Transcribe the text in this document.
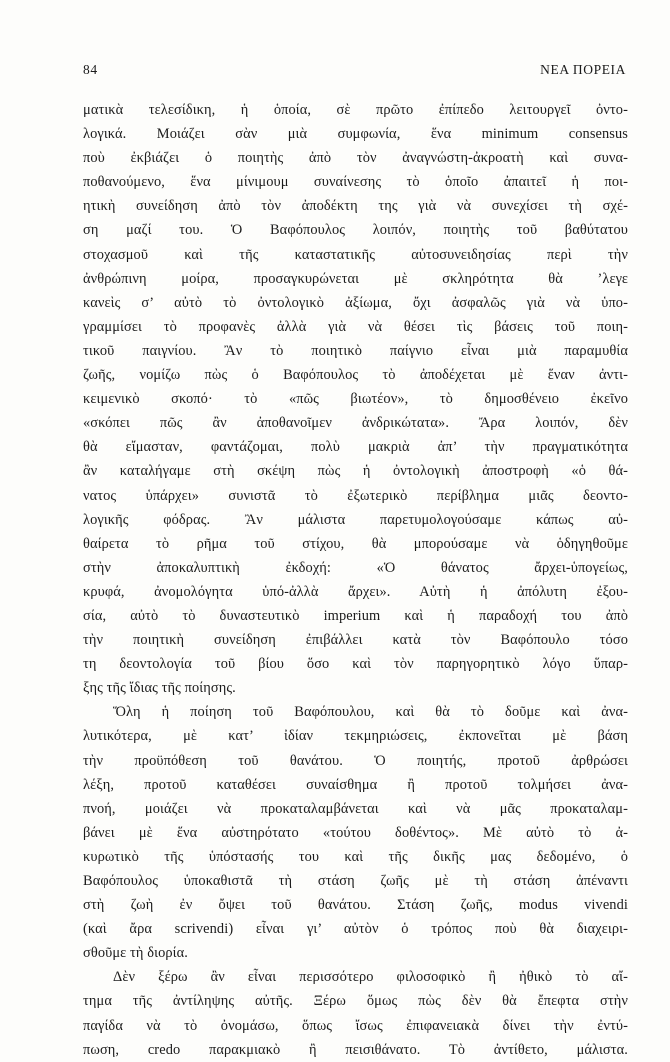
84	ΝΕΑ ΠΟΡΕΙΑ
ματικὰ τελεσίδικη, ἡ ὁποία, σὲ πρῶτο ἐπίπεδο λειτουργεῖ ὀντο-
λογικά. Μοιάζει σὰν μιὰ συμφωνία, ἕνα minimum consensus
ποὺ ἐκβιάζει ὁ ποιητὴς ἀπὸ τὸν ἀναγνώστη-ἀκροατὴ καὶ συνα-
ποθανούμενο, ἕνα μίνιμουμ συναίνεσης τὸ ὁποῖο ἀπαιτεῖ ἡ ποι-
ητικὴ συνείδηση ἀπὸ τὸν ἀποδέκτη της γιὰ νὰ συνεχίσει τὴ σχέ-
ση μαζί του. Ὁ Βαφόπουλος λοιπόν, ποιητὴς τοῦ βαθύτατου
στοχασμοῦ καὶ τῆς καταστατικῆς αὐτοσυνειδησίας περὶ τὴν
ἀνθρώπινη μοίρα, προσαγκυρώνεται μὲ σκληρότητα θὰ ’λεγε
κανεὶς σ’ αὐτὸ τὸ ὀντολογικὸ ἀξίωμα, ὄχι ἀσφαλῶς γιὰ νὰ ὑπο-
γραμμίσει τὸ προφανὲς ἀλλὰ γιὰ νὰ θέσει τὶς βάσεις τοῦ ποιη-
τικοῦ παιγνίου. Ἂν τὸ ποιητικὸ παίγνιο εἶναι μιὰ παραμυθία
ζωῆς, νομίζω πὼς ὁ Βαφόπουλος τὸ ἀποδέχεται μὲ ἕναν ἀντι-
κειμενικὸ σκοπό· τὸ «πῶς βιωτέον», τὸ δημοσθένειο ἐκεῖνο
«σκόπει πῶς ἂν ἀποθανοῖμεν ἀνδρικώτατα». Ἄρα λοιπόν, δὲν
θὰ εἴμασταν, φαντάζομαι, πολὺ μακριὰ ἀπ’ τὴν πραγματικότητα
ἂν καταλήγαμε στὴ σκέψη πὼς ἡ ὀντολογικὴ ἀποστροφὴ «ὁ θά-
νατος ὑπάρχει» συνιστᾶ τὸ ἐξωτερικὸ περίβλημα μιᾶς δεοντο-
λογικῆς φόδρας. Ἂν μάλιστα παρετυμολογούσαμε κάπως αὐ-
θαίρετα τὸ ρῆμα τοῦ στίχου, θὰ μπορούσαμε νὰ ὁδηγηθοῦμε
στὴν ἀποκαλυπτικὴ ἐκδοχή: «Ὁ θάνατος ἄρχει-ὑπογείως,
κρυφά, ἀνομολόγητα ὑπό-ἀλλὰ ἄρχει». Αὐτὴ ἡ ἀπόλυτη ἐξου-
σία, αὐτὸ τὸ δυναστευτικὸ imperium καὶ ἡ παραδοχή του ἀπὸ
τὴν ποιητικὴ συνείδηση ἐπιβάλλει κατὰ τὸν Βαφόπουλο τόσο
τη δεοντολογία τοῦ βίου ὅσο καὶ τὸν παρηγορητικὸ λόγο ὕπαρ-
ξης τῆς ἴδιας τῆς ποίησης.
Ὅλη ἡ ποίηση τοῦ Βαφόπουλου, καὶ θὰ τὸ δοῦμε καὶ ἀνα-
λυτικότερα, μὲ κατ’ ἰδίαν τεκμηριώσεις, ἐκπονεῖται μὲ βάση
τὴν προϋπόθεση τοῦ θανάτου. Ὁ ποιητής, προτοῦ ἀρθρώσει
λέξη, προτοῦ καταθέσει συναίσθημα ἢ προτοῦ τολμήσει ἀνα-
πνοή, μοιάζει νὰ προκαταλαμβάνεται καὶ νὰ μᾶς προκαταλαμ-
βάνει μὲ ἕνα αὐστηρότατο «τούτου δοθέντος». Μὲ αὐτὸ τὸ ἀ-
κυρωτικὸ τῆς ὑπόστασής του καὶ τῆς δικῆς μας δεδομένο, ὁ
Βαφόπουλος ὑποκαθιστᾶ τὴ στάση ζωῆς μὲ τὴ στάση ἀπέναντι
στὴ ζωὴ ἐν ὄψει τοῦ θανάτου. Στάση ζωῆς, modus vivendi
(καὶ ἄρα scrivendi) εἶναι γι’ αὐτὸν ὁ τρόπος ποὺ θὰ διαχειρι-
σθοῦμε τὴ διορία.
Δὲν ξέρω ἂν εἶναι περισσότερο φιλοσοφικὸ ἢ ἠθικὸ τὸ αἴ-
τημα τῆς ἀντίληψης αὐτῆς. Ξέρω ὅμως πὼς δὲν θὰ ἔπεφτα στὴν
παγίδα νὰ τὸ ὀνομάσω, ὅπως ἴσως ἐπιφανειακὰ δίνει τὴν ἐντύ-
πωση, credo παρακμιακὸ ἢ πεισιθάνατο. Τὸ ἀντίθετο, μάλιστα.
